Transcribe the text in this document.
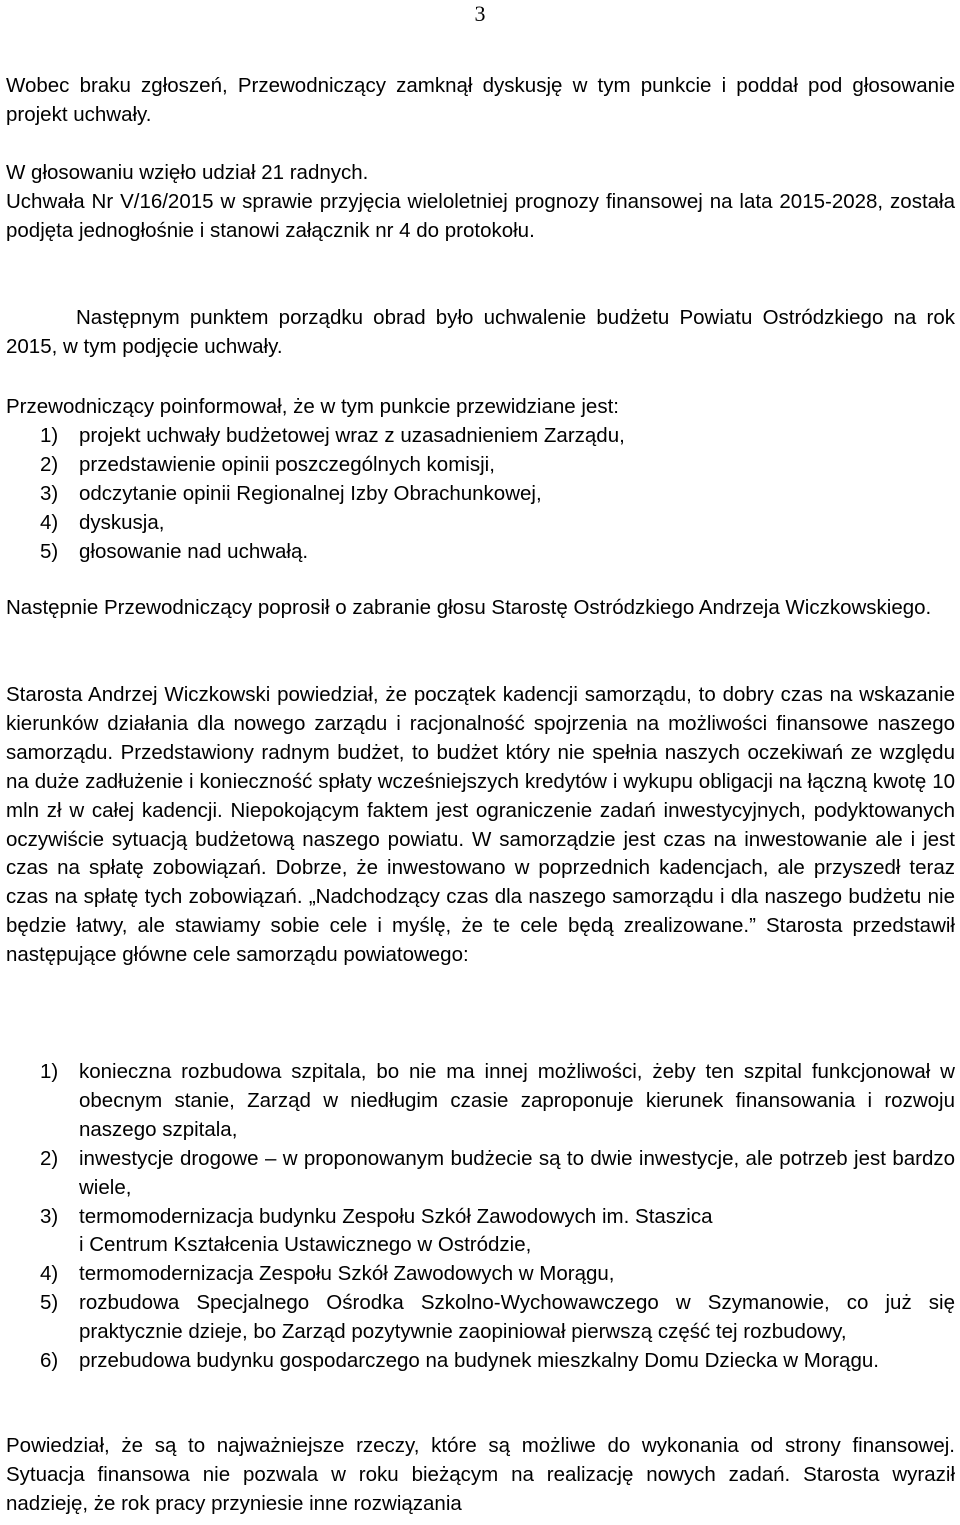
3

Wobec braku zgłoszeń, Przewodniczący zamknął dyskusję w tym punkcie i poddał pod głosowanie projekt uchwały.

W głosowaniu wzięło udział 21 radnych.
Uchwała Nr V/16/2015 w sprawie przyjęcia wieloletniej prognozy finansowej na lata 2015-2028, została podjęta jednogłośnie i stanowi załącznik nr 4 do protokołu.

Następnym punktem porządku obrad było uchwalenie budżetu Powiatu Ostródzkiego na rok 2015, w tym podjęcie uchwały.

Przewodniczący poinformował, że w tym punkcie przewidziane jest:
1) projekt uchwały budżetowej wraz z uzasadnieniem Zarządu,
2) przedstawienie opinii poszczególnych komisji,
3) odczytanie opinii Regionalnej Izby Obrachunkowej,
4) dyskusja,
5) głosowanie nad uchwałą.

Następnie Przewodniczący poprosił o zabranie głosu Starostę Ostródzkiego Andrzeja Wiczkowskiego.

Starosta Andrzej Wiczkowski powiedział, że początek kadencji samorządu, to dobry czas na wskazanie kierunków działania dla nowego zarządu i racjonalność spojrzenia na możliwości finansowe naszego samorządu. Przedstawiony radnym budżet, to budżet który nie spełnia naszych oczekiwań ze względu na duże zadłużenie i konieczność spłaty wcześniejszych kredytów i wykupu obligacji na łączną kwotę 10 mln zł w całej kadencji. Niepokojącym faktem jest ograniczenie zadań inwestycyjnych, podyktowanych oczywiście sytuacją budżetową naszego powiatu. W samorządzie jest czas na inwestowanie ale i jest czas na spłatę zobowiązań. Dobrze, że inwestowano w poprzednich kadencjach, ale przyszedł teraz czas na spłatę tych zobowiązań. „Nadchodzący czas dla naszego samorządu i dla naszego budżetu nie będzie łatwy, ale stawiamy sobie cele i myślę, że te cele będą zrealizowane.” Starosta przedstawił następujące główne cele samorządu powiatowego:

1) konieczna rozbudowa szpitala, bo nie ma innej możliwości, żeby ten szpital funkcjonował w obecnym stanie, Zarząd w niedługim czasie zaproponuje kierunek finansowania i rozwoju naszego szpitala,
2) inwestycje drogowe – w proponowanym budżecie są to dwie inwestycje, ale potrzeb jest bardzo wiele,
3) termomodernizacja budynku Zespołu Szkół Zawodowych im. Staszica
i Centrum Kształcenia Ustawicznego w Ostródzie,
4) termomodernizacja Zespołu Szkół Zawodowych w Morągu,
5) rozbudowa Specjalnego Ośrodka Szkolno-Wychowawczego w Szymanowie, co już się praktycznie dzieje, bo Zarząd pozytywnie zaopiniował pierwszą część tej rozbudowy,
6) przebudowa budynku gospodarczego na budynek mieszkalny Domu Dziecka w Morągu.

Powiedział, że są to najważniejsze rzeczy, które są możliwe do wykonania od strony finansowej. Sytuacja finansowa nie pozwala w roku bieżącym na realizację nowych zadań. Starosta wyraził nadzieję, że rok pracy przyniesie inne rozwiązania
